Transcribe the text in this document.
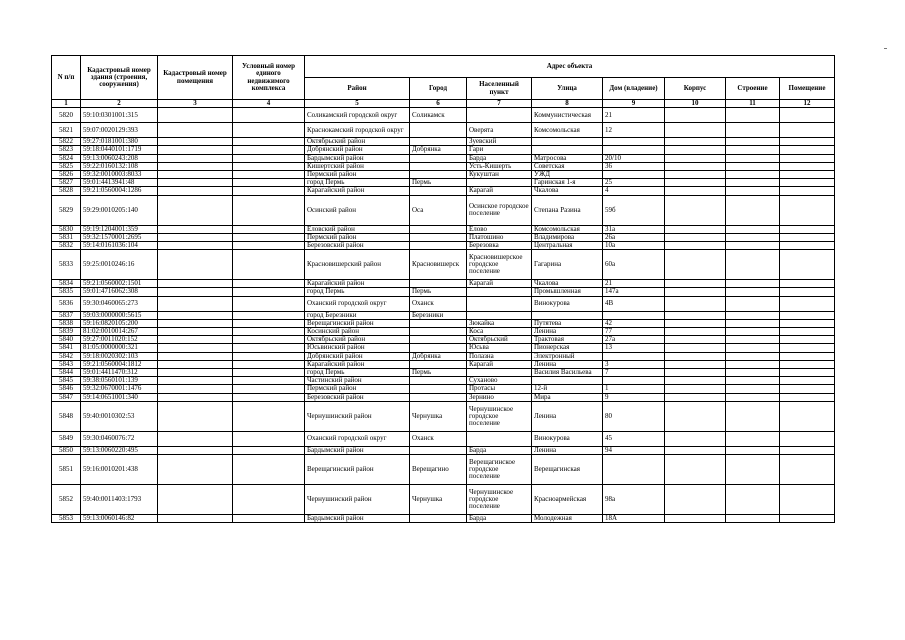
N п/п	Кадастровый номер здания (строения, сооружения)	Кадастровый номер помещения	Условный номер единого недвижимого комплекса	Адрес объекта							
				Район	Город	Населенный пункт	Улица	Дом (владение)	Корпус	Строение	Помещение
1	2	3	4	5	6	7	8	9	10	11	12
5820	59:10:0301001:315			Соликамский городской округ	Соликамск		Коммунистическая	21			
5821	59:07:0020129:393			Краснокамский городской округ		Оверята	Комсомольская	12			
5822	59:27:0181001:380			Октябрьский район		Зуевский					
5823	59:18:0440101:1719			Добрянский район	Добрянка	Гари					
5824	59:13:0060243:208			Бардымский район		Барда	Матросова	20/10			
5825	59:22:0160132:108			Кишертский район		Усть-Кишерть	Советская	36			
5826	59:32:0010003:8033			Пермский район		Кукуштан	УЖД				
5827	59:01:4413941:48			город Пермь	Пермь		Гаринская 1-я	25			
5828	59:21:0560004:1286			Карагайский район		Карагай	Чкалова	4			
5829	59:29:0010205:140			Осинский район	Оса	Осинское городское поселение	Степана Разина	59б			
5830	59:19:1204001:359			Еловский район		Елово	Комсомольская	31а			
5831	59:32:1570001:2695			Пермский район		Платошино	Владимирова	26а			
5832	59:14:0161036:104			Березовский район		Березовка	Центральная	10а			
5833	59:25:0010246:16			Красновишерский район	Красновишерск	Красновишерское городское поселение	Гагарина	60а			
5834	59:21:0560002:1501			Карагайский район		Карагай	Чкалова	21			
5835	59:01:4716062:308			город Пермь	Пермь		Промышленная	147а			
5836	59:30:0460065:273			Оханский городской округ	Оханск		Винокурова	4В			
5837	59:03:0000000:5615			город Березники	Березники						
5838	59:16:0820105:200			Верещагинский район		Зюкайка	Путятева	42			
5839	81:02:0010014:267			Косинский район		Коса	Ленина	77			
5840	59:27:0011020:152			Октябрьский район		Октябрьский	Трактовая	27а			
5841	81:05:0000000:321			Юсьвинский район		Юсьва	Пионерская	13			
5842	59:18:0020302:103			Добрянский район	Добрянка	Полазна	Электронный				
5843	59:21:0560004:1812			Карагайский район		Карагай	Ленина	3			
5844	59:01:4411470:312			город Пермь	Пермь		Василия Васильева	7			
5845	59:38:0560101:139			Частинский район		Суханово					
5846	59:32:0670001:1476			Пермский район		Протасы	12-й	1			
5847	59:14:0651001:340			Березовский район		Зернино	Мира	9			
5848	59:40:0010302:53			Чернушинский район	Чернушка	Чернушинское городское поселение	Ленина	80			
5849	59:30:0460076:72			Оханский городской округ	Оханск		Винокурова	45			
5850	59:13:0060220:495			Бардымский район		Барда	Ленина	94			
5851	59:16:0010201:438			Верещагинский район	Верещагино	Верещагинское городское поселение	Верещагинская				
5852	59:40:0011403:1793			Чернушинский район	Чернушка	Чернушинское городское поселение	Красноармейская	98а			
5853	59:13:0060146:82			Бардымский район		Барда	Молодежная	18А			
